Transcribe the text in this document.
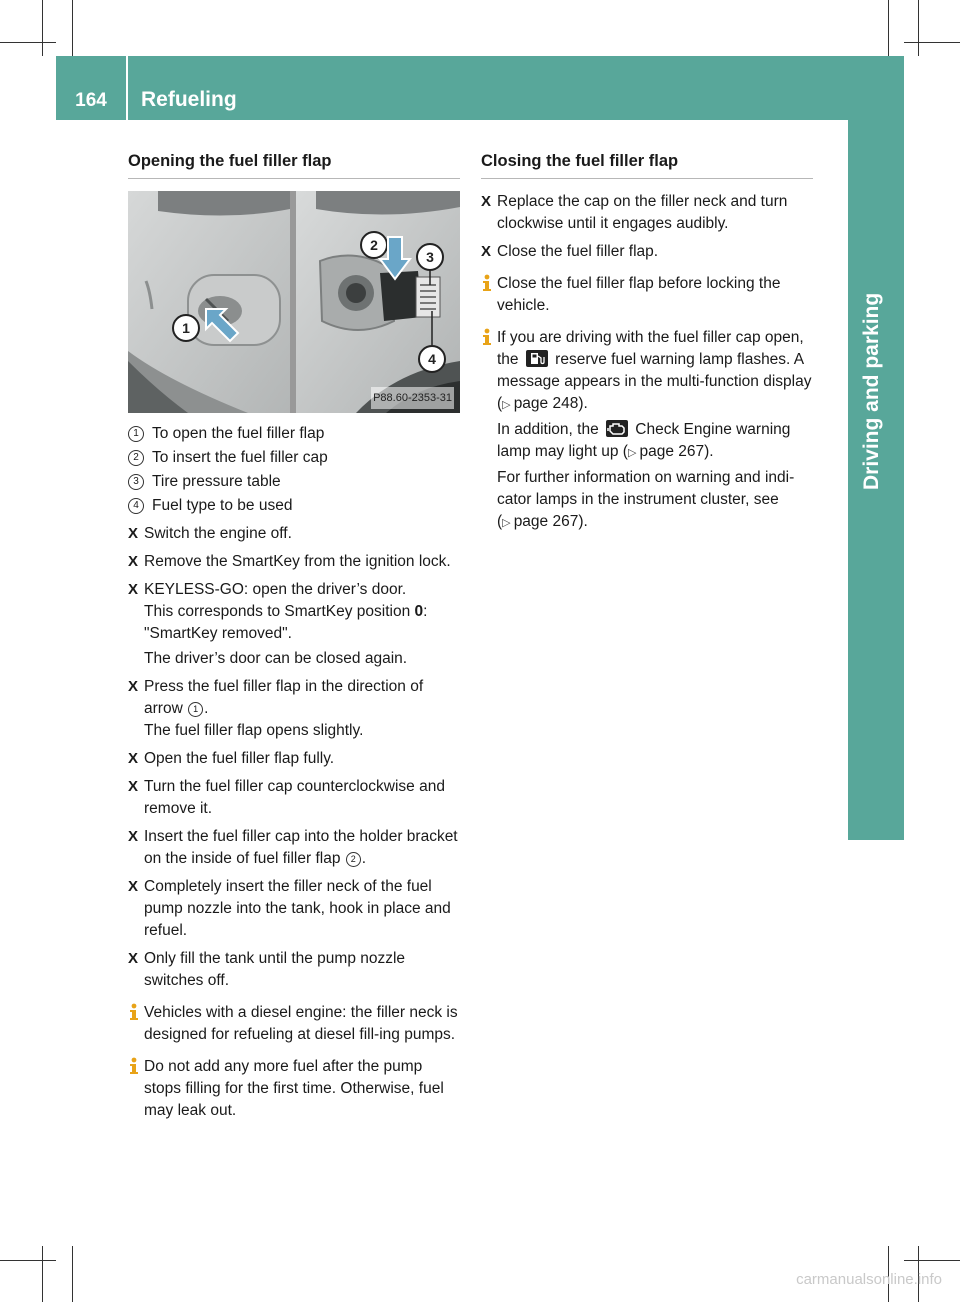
164	Refueling
Driving and parking
Opening the fuel filler flap
1
2
3
4
P88.60-2353-31
1 To open the fuel filler flap
2 To insert the fuel filler cap
3 Tire pressure table
4 Fuel type to be used
X Switch the engine off.

X Remove the SmartKey from the ignition lock.

X KEYLESS-GO: open the driver’s door.

This corresponds to SmartKey position 0: "SmartKey removed".

The driver’s door can be closed again.

X Press the fuel filler flap in the direction of arrow 1 .

The fuel filler flap opens slightly.

X Open the fuel filler flap fully.

X Turn the fuel filler cap counterclockwise and remove it.

X Insert the fuel filler cap into the holder bracket on the inside of fuel filler flap 2 .

X Completely insert the filler neck of the fuel pump nozzle into the tank, hook in place and refuel.

X Only fill the tank until the pump nozzle switches off.

Vehicles with a diesel engine: the filler neck is designed for refueling at diesel fill-ing pumps.

Do not add any more fuel after the pump stops filling for the first time. Otherwise, fuel may leak out.

Closing the fuel filler flap
X Replace the cap on the filler neck and turn clockwise until it engages audibly.

X Close the fuel filler flap.

Close the fuel filler flap before locking the vehicle.

If you are driving with the fuel filler cap open, the
reserve fuel warning lamp flashes. A message appears in the multi-function display (▷ page 248).

In addition, the
Check Engine warning lamp may light up (▷ page 267).

For further information on warning and indi-cator lamps in the instrument cluster, see (▷ page 267).

carmanualsonline.info
